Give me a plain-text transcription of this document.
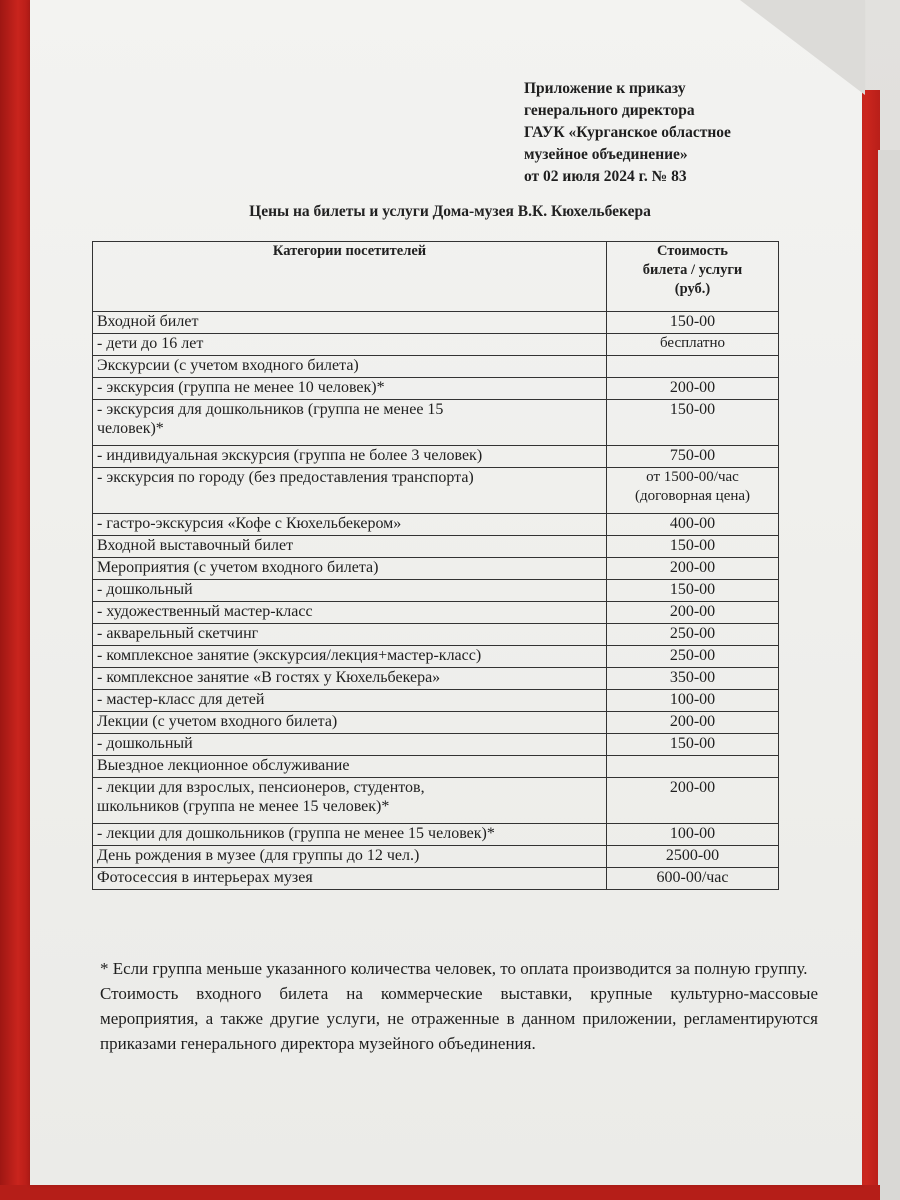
Приложение к приказу
генерального директора
ГАУК «Курганское областное
музейное объединение»
от 02 июля 2024 г. № 83
Цены на билеты и услуги Дома-музея В.К. Кюхельбекера
Категории посетителей	Стоимость
билета / услуги
(руб.)

Входной билет	150-00
- дети до 16 лет	бесплатно
Экскурсии (с учетом входного билета)	
- экскурсия (группа не менее 10 человек)*	200-00
- экскурсия для дошкольников (группа не менее 15 человек)*	150-00
- индивидуальная экскурсия (группа не более 3 человек)	750-00
- экскурсия по городу (без предоставления транспорта)	от 1500-00/час
(договорная цена)

- гастро-экскурсия «Кофе с Кюхельбекером»	400-00
Входной выставочный билет	150-00
Мероприятия (с учетом входного билета)	200-00
- дошкольный	150-00
- художественный мастер-класс	200-00
- акварельный скетчинг	250-00
- комплексное занятие (экскурсия/лекция+мастер-класс)	250-00
- комплексное занятие «В гостях у Кюхельбекера»	350-00
- мастер-класс для детей	100-00
Лекции (с учетом входного билета)	200-00
- дошкольный	150-00
Выездное лекционное обслуживание	
- лекции для взрослых, пенсионеров, студентов, школьников (группа не менее 15 человек)*	200-00
- лекции для дошкольников (группа не менее 15 человек)*	100-00
День рождения в музее (для группы до 12 чел.)	2500-00
Фотосессия в интерьерах музея	600-00/час

* Если группа меньше указанного количества человек, то оплата производится за полную группу.

Стоимость входного билета на коммерческие выставки, крупные культурно-массовые мероприятия, а также другие услуги, не отраженные в данном приложении, регламентируются приказами генерального директора музейного объединения.
